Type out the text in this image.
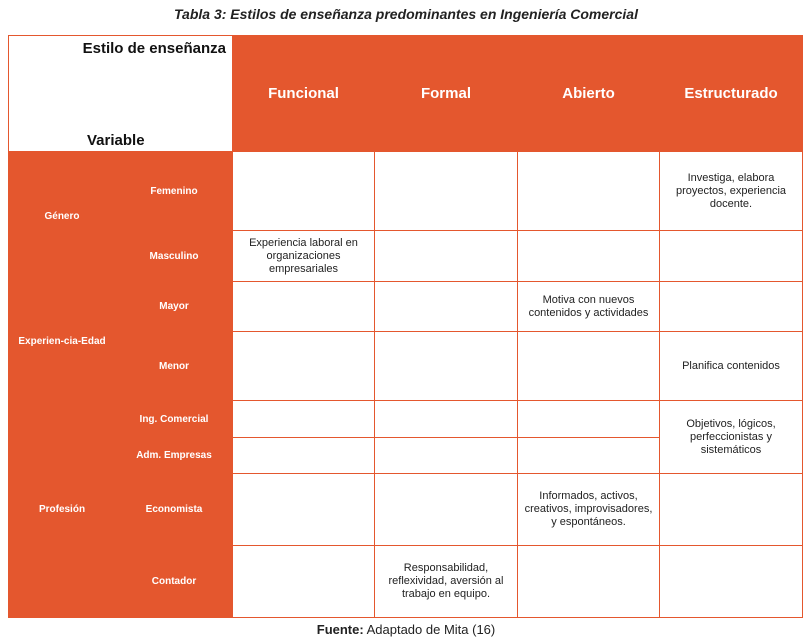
Tabla 3: Estilos de enseñanza predominantes en Ingeniería Comercial
Estilo de enseñanza
Variable		Funcional	Formal	Abierto	Estructurado
Género	Femenino				Investiga, elabora proyectos, experiencia docente.
	Masculino	Experiencia laboral en organizaciones empresariales			
Experien-cia-Edad	Mayor			Motiva con nuevos contenidos y actividades	
	Menor				Planifica contenidos
Profesión	Ing. Comercial				Objetivos, lógicos, perfeccionistas y sistemáticos
	Adm. Empresas				
	Economista			Informados, activos, creativos, improvisadores, y espontáneos.	
	Contador		Responsabilidad, reflexividad, aversión al trabajo en equipo.		
Fuente: Adaptado de Mita (16)
